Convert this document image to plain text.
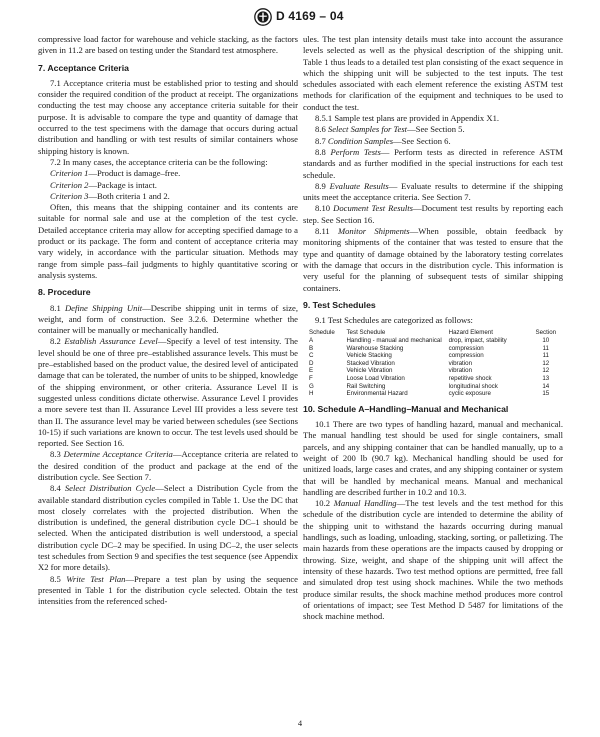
D 4169 – 04

compressive load factor for warehouse and vehicle stacking, as the factors given in 11.2 are based on testing under the Standard test atmosphere.

7. Acceptance Criteria

7.1 Acceptance criteria must be established prior to testing and should consider the required condition of the product at receipt. The organizations conducting the test may choose any acceptance criteria suitable for their purpose. It is advisable to compare the type and quantity of damage that occurred to the test specimens with the damage that occurs during actual distribution and handling or with test results of similar containers whose shipping history is known.

7.2 In many cases, the acceptance criteria can be the following:

Criterion 1—Product is damage–free.

Criterion 2—Package is intact.

Criterion 3—Both criteria 1 and 2.

Often, this means that the shipping container and its contents are suitable for normal sale and use at the completion of the test cycle. Detailed acceptance criteria may allow for accepting specified damage to a product or its package. The form and content of acceptance criteria may vary widely, in accordance with the particular situation. Methods may range from simple pass–fail judgments to highly quantitative scoring or analysis systems.

8. Procedure

8.1 Define Shipping Unit—Describe shipping unit in terms of size, weight, and form of construction. See 3.2.6. Determine whether the container will be manually or mechanically handled.

8.2 Establish Assurance Level—Specify a level of test intensity. The level should be one of three pre–established assurance levels. This must be pre–established based on the product value, the desired level of anticipated damage that can be tolerated, the number of units to be shipped, knowledge of the shipping environment, or other criteria. Assurance Level II is suggested unless conditions dictate otherwise. Assurance Level I provides a more severe test than II. Assurance Level III provides a less severe test than II. The assurance level may be varied between schedules (see Sections 10-15) if such variations are known to occur. The test levels used should be reported. See Section 16.

8.3 Determine Acceptance Criteria—Acceptance criteria are related to the desired condition of the product and package at the end of the distribution cycle. See Section 7.

8.4 Select Distribution Cycle—Select a Distribution Cycle from the available standard distribution cycles compiled in Table 1. Use the DC that most closely correlates with the projected distribution. When the distribution is undefined, the general distribution cycle DC–1 should be selected. When the anticipated distribution is well understood, a special distribution cycle DC–2 may be specified. In using DC–2, the user selects test schedules from Section 9 and specifies the test sequence (see Appendix X2 for more details).

8.5 Write Test Plan—Prepare a test plan by using the sequence presented in Table 1 for the distribution cycle selected. Obtain the test intensities from the referenced sched-

ules. The test plan intensity details must take into account the assurance levels selected as well as the physical description of the shipping unit. Table 1 thus leads to a detailed test plan consisting of the exact sequence in which the shipping unit will be subjected to the test inputs. The test schedules associated with each element reference the existing ASTM test methods for clarification of the equipment and techniques to be used to conduct the test.

8.5.1 Sample test plans are provided in Appendix X1.

8.6 Select Samples for Test—See Section 5.

8.7 Condition Samples—See Section 6.

8.8 Perform Tests— Perform tests as directed in reference ASTM standards and as further modified in the special instructions for each test schedule.

8.9 Evaluate Results— Evaluate results to determine if the shipping units meet the acceptance criteria. See Section 7.

8.10 Document Test Results—Document test results by reporting each step. See Section 16.

8.11 Monitor Shipments—When possible, obtain feedback by monitoring shipments of the container that was tested to ensure that the type and quantity of damage obtained by the laboratory testing correlates with the damage that occurs in the distribution cycle. This information is very useful for the planning of subsequent tests of similar shipping containers.

9. Test Schedules

9.1 Test Schedules are categorized as follows:

Schedule	Test Schedule	Hazard Element	Section
A	Handling - manual and mechanical	drop, impact, stability	10
B	Warehouse Stacking	compression	11
C	Vehicle Stacking	compression	11
D	Stacked Vibration	vibration	12
E	Vehicle Vibration	vibration	12
F	Loose Load Vibration	repetitive shock	13
G	Rail Switching	longitudinal shock	14
H	Environmental Hazard	cyclic exposure	15
10. Schedule A–Handling–Manual and Mechanical

10.1 There are two types of handling hazard, manual and mechanical. The manual handling test should be used for single containers, small parcels, and any shipping container that can be handled manually, up to a weight of 200 lb (90.7 kg). Mechanical handling should be used for unitized loads, large cases and crates, and any shipping container or system that will be handled by mechanical means. Manual and mechanical handling are described further in 10.2 and 10.3.

10.2 Manual Handling—The test levels and the test method for this schedule of the distribution cycle are intended to determine the ability of the shipping unit to withstand the hazards occurring during manual handlings, such as loading, unloading, stacking, sorting, or palletizing. The main hazards from these operations are the impacts caused by dropping or throwing. Size, weight, and shape of the shipping unit will affect the intensity of these hazards. Two test method options are permitted, free fall and simulated drop test using shock machines. While the two methods produce similar results, the shock machine method produces more control of orientations of impact; see Test Method D 5487 for limitations of the shock machine method.

4
